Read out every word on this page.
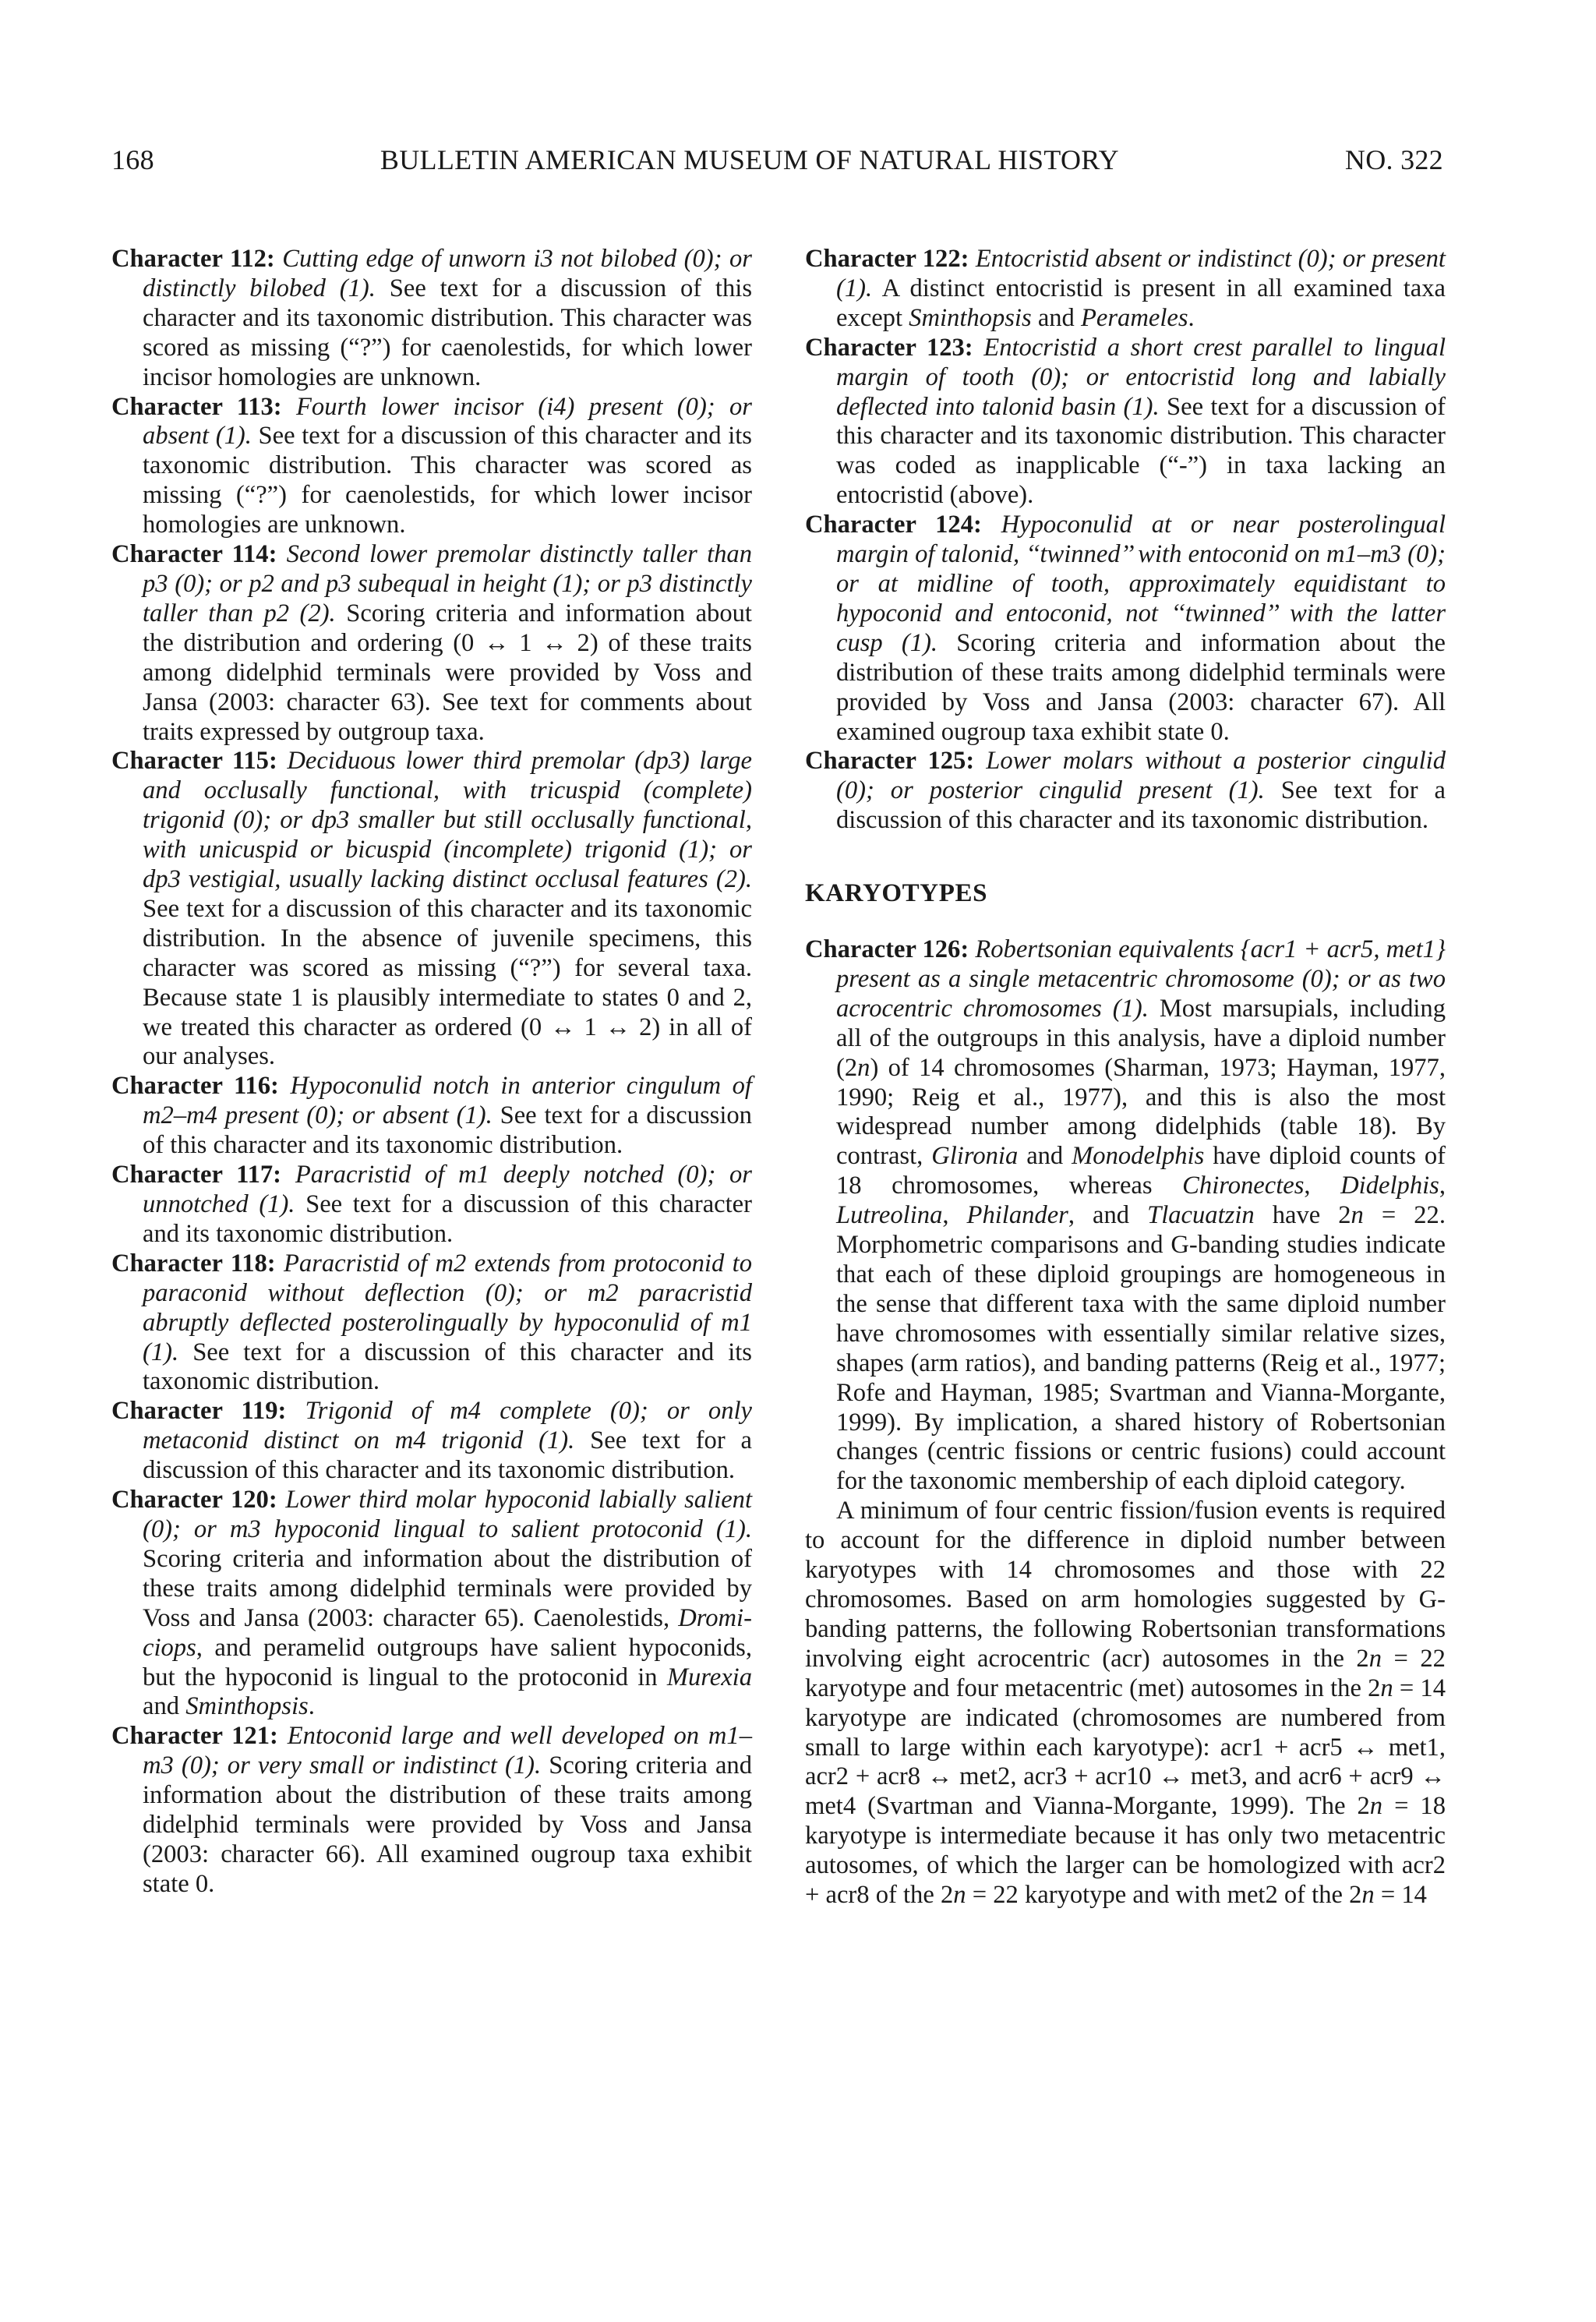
168	BULLETIN AMERICAN MUSEUM OF NATURAL HISTORY	NO. 322

Character 112: Cutting edge of unworn i3 not bilobed (0); or distinctly bilobed (1). See text for a discussion of this character and its taxonomic distribution. This character was scored as missing (“?”) for caenolestids, for which lower incisor homologies are unknown.

Character 113: Fourth lower incisor (i4) present (0); or absent (1). See text for a discussion of this character and its taxonomic distribution. This character was scored as missing (“?”) for caenolestids, for which lower incisor homologies are unknown.

Character 114: Second lower premolar distinctly taller than p3 (0); or p2 and p3 subequal in height (1); or p3 distinctly taller than p2 (2). Scoring criteria and information about the distribution and ordering (0 ↔ 1 ↔ 2) of these traits among didelphid terminals were provided by Voss and Jansa (2003: character 63). See text for comments about traits expressed by outgroup taxa.

Character 115: Deciduous lower third premolar (dp3) large and occlusally functional, with tricuspid (complete) trigonid (0); or dp3 smaller but still occlusally functional, with unicuspid or bicuspid (incomplete) trigonid (1); or dp3 vestigial, usually lacking distinct occlusal features (2). See text for a discussion of this character and its taxonomic distribution. In the absence of juvenile specimens, this character was scored as missing (“?”) for several taxa. Because state 1 is plausibly intermediate to states 0 and 2, we treated this character as ordered (0 ↔ 1 ↔ 2) in all of our analyses.

Character 116: Hypoconulid notch in anterior cingulum of m2–m4 present (0); or absent (1). See text for a discussion of this character and its taxonomic distribution.

Character 117: Paracristid of m1 deeply notched (0); or unnotched (1). See text for a discussion of this character and its taxonomic distribution.

Character 118: Paracristid of m2 extends from protoconid to paraconid without deflection (0); or m2 paracristid abruptly deflected posterolingually by hypoconulid of m1 (1). See text for a discussion of this character and its taxonomic distribution.

Character 119: Trigonid of m4 complete (0); or only metaconid distinct on m4 trigonid (1). See text for a discussion of this character and its taxonomic distribution.

Character 120: Lower third molar hypoconid labially salient (0); or m3 hypoconid lingual to salient protoconid (1). Scoring criteria and information about the distribution of these traits among didelphid terminals were provided by Voss and Jansa (2003: character 65). Caenolestids, Dromiciops, and peramelid outgroups have salient hypoconids, but the hypoconid is lingual to the protoconid in Murexia and Sminthopsis.

Character 121: Entoconid large and well developed on m1–m3 (0); or very small or indistinct (1). Scoring criteria and information about the distribution of these traits among didelphid terminals were provided by Voss and Jansa (2003: character 66). All examined ougroup taxa exhibit state 0.

Character 122: Entocristid absent or indistinct (0); or present (1). A distinct entocristid is present in all examined taxa except Sminthopsis and Perameles.

Character 123: Entocristid a short crest parallel to lingual margin of tooth (0); or entocristid long and labially deflected into talonid basin (1). See text for a discussion of this character and its taxonomic distribution. This character was coded as inapplicable (“-”) in taxa lacking an entocristid (above).

Character 124: Hypoconulid at or near posterolingual margin of talonid, ‘‘twinned’’ with entoconid on m1–m3 (0); or at midline of tooth, approximately equidistant to hypoconid and entoconid, not ‘‘twinned’’ with the latter cusp (1). Scoring criteria and information about the distribution of these traits among didelphid terminals were provided by Voss and Jansa (2003: character 67). All examined ougroup taxa exhibit state 0.

Character 125: Lower molars without a posterior cingulid (0); or posterior cingulid present (1). See text for a discussion of this character and its taxonomic distribution.

KARYOTYPES

Character 126: Robertsonian equivalents {acr1 + acr5, met1} present as a single metacentric chromosome (0); or as two acrocentric chromosomes (1). Most marsupials, including all of the outgroups in this analysis, have a diploid number (2n) of 14 chromosomes (Sharman, 1973; Hayman, 1977, 1990; Reig et al., 1977), and this is also the most widespread number among didelphids (table 18). By contrast, Glironia and Monodelphis have diploid counts of 18 chromosomes, whereas Chironectes, Didelphis, Lutreolina, Philander, and Tlacuatzin have 2n = 22. Morphometric comparisons and G-banding studies indicate that each of these diploid groupings are homogeneous in the sense that different taxa with the same diploid number have chromosomes with essentially similar relative sizes, shapes (arm ratios), and banding patterns (Reig et al., 1977; Rofe and Hayman, 1985; Svartman and Vianna-Morgante, 1999). By implication, a shared history of Robertsonian changes (centric fissions or centric fusions) could account for the taxonomic membership of each diploid category.

A minimum of four centric fission/fusion events is required to account for the difference in diploid number between karyotypes with 14 chromosomes and those with 22 chromosomes. Based on arm homologies suggested by G-banding patterns, the following Robertsonian transformations involving eight acrocentric (acr) autosomes in the 2n = 22 karyotype and four metacentric (met) autosomes in the 2n = 14 karyotype are indicated (chromosomes are numbered from small to large within each karyotype): acr1 + acr5 ↔ met1, acr2 + acr8 ↔ met2, acr3 + acr10 ↔ met3, and acr6 + acr9 ↔ met4 (Svartman and Vianna-Morgante, 1999). The 2n = 18 karyotype is intermediate because it has only two metacentric autosomes, of which the larger can be homologized with acr2 + acr8 of the 2n = 22 karyotype and with met2 of the 2n = 14
